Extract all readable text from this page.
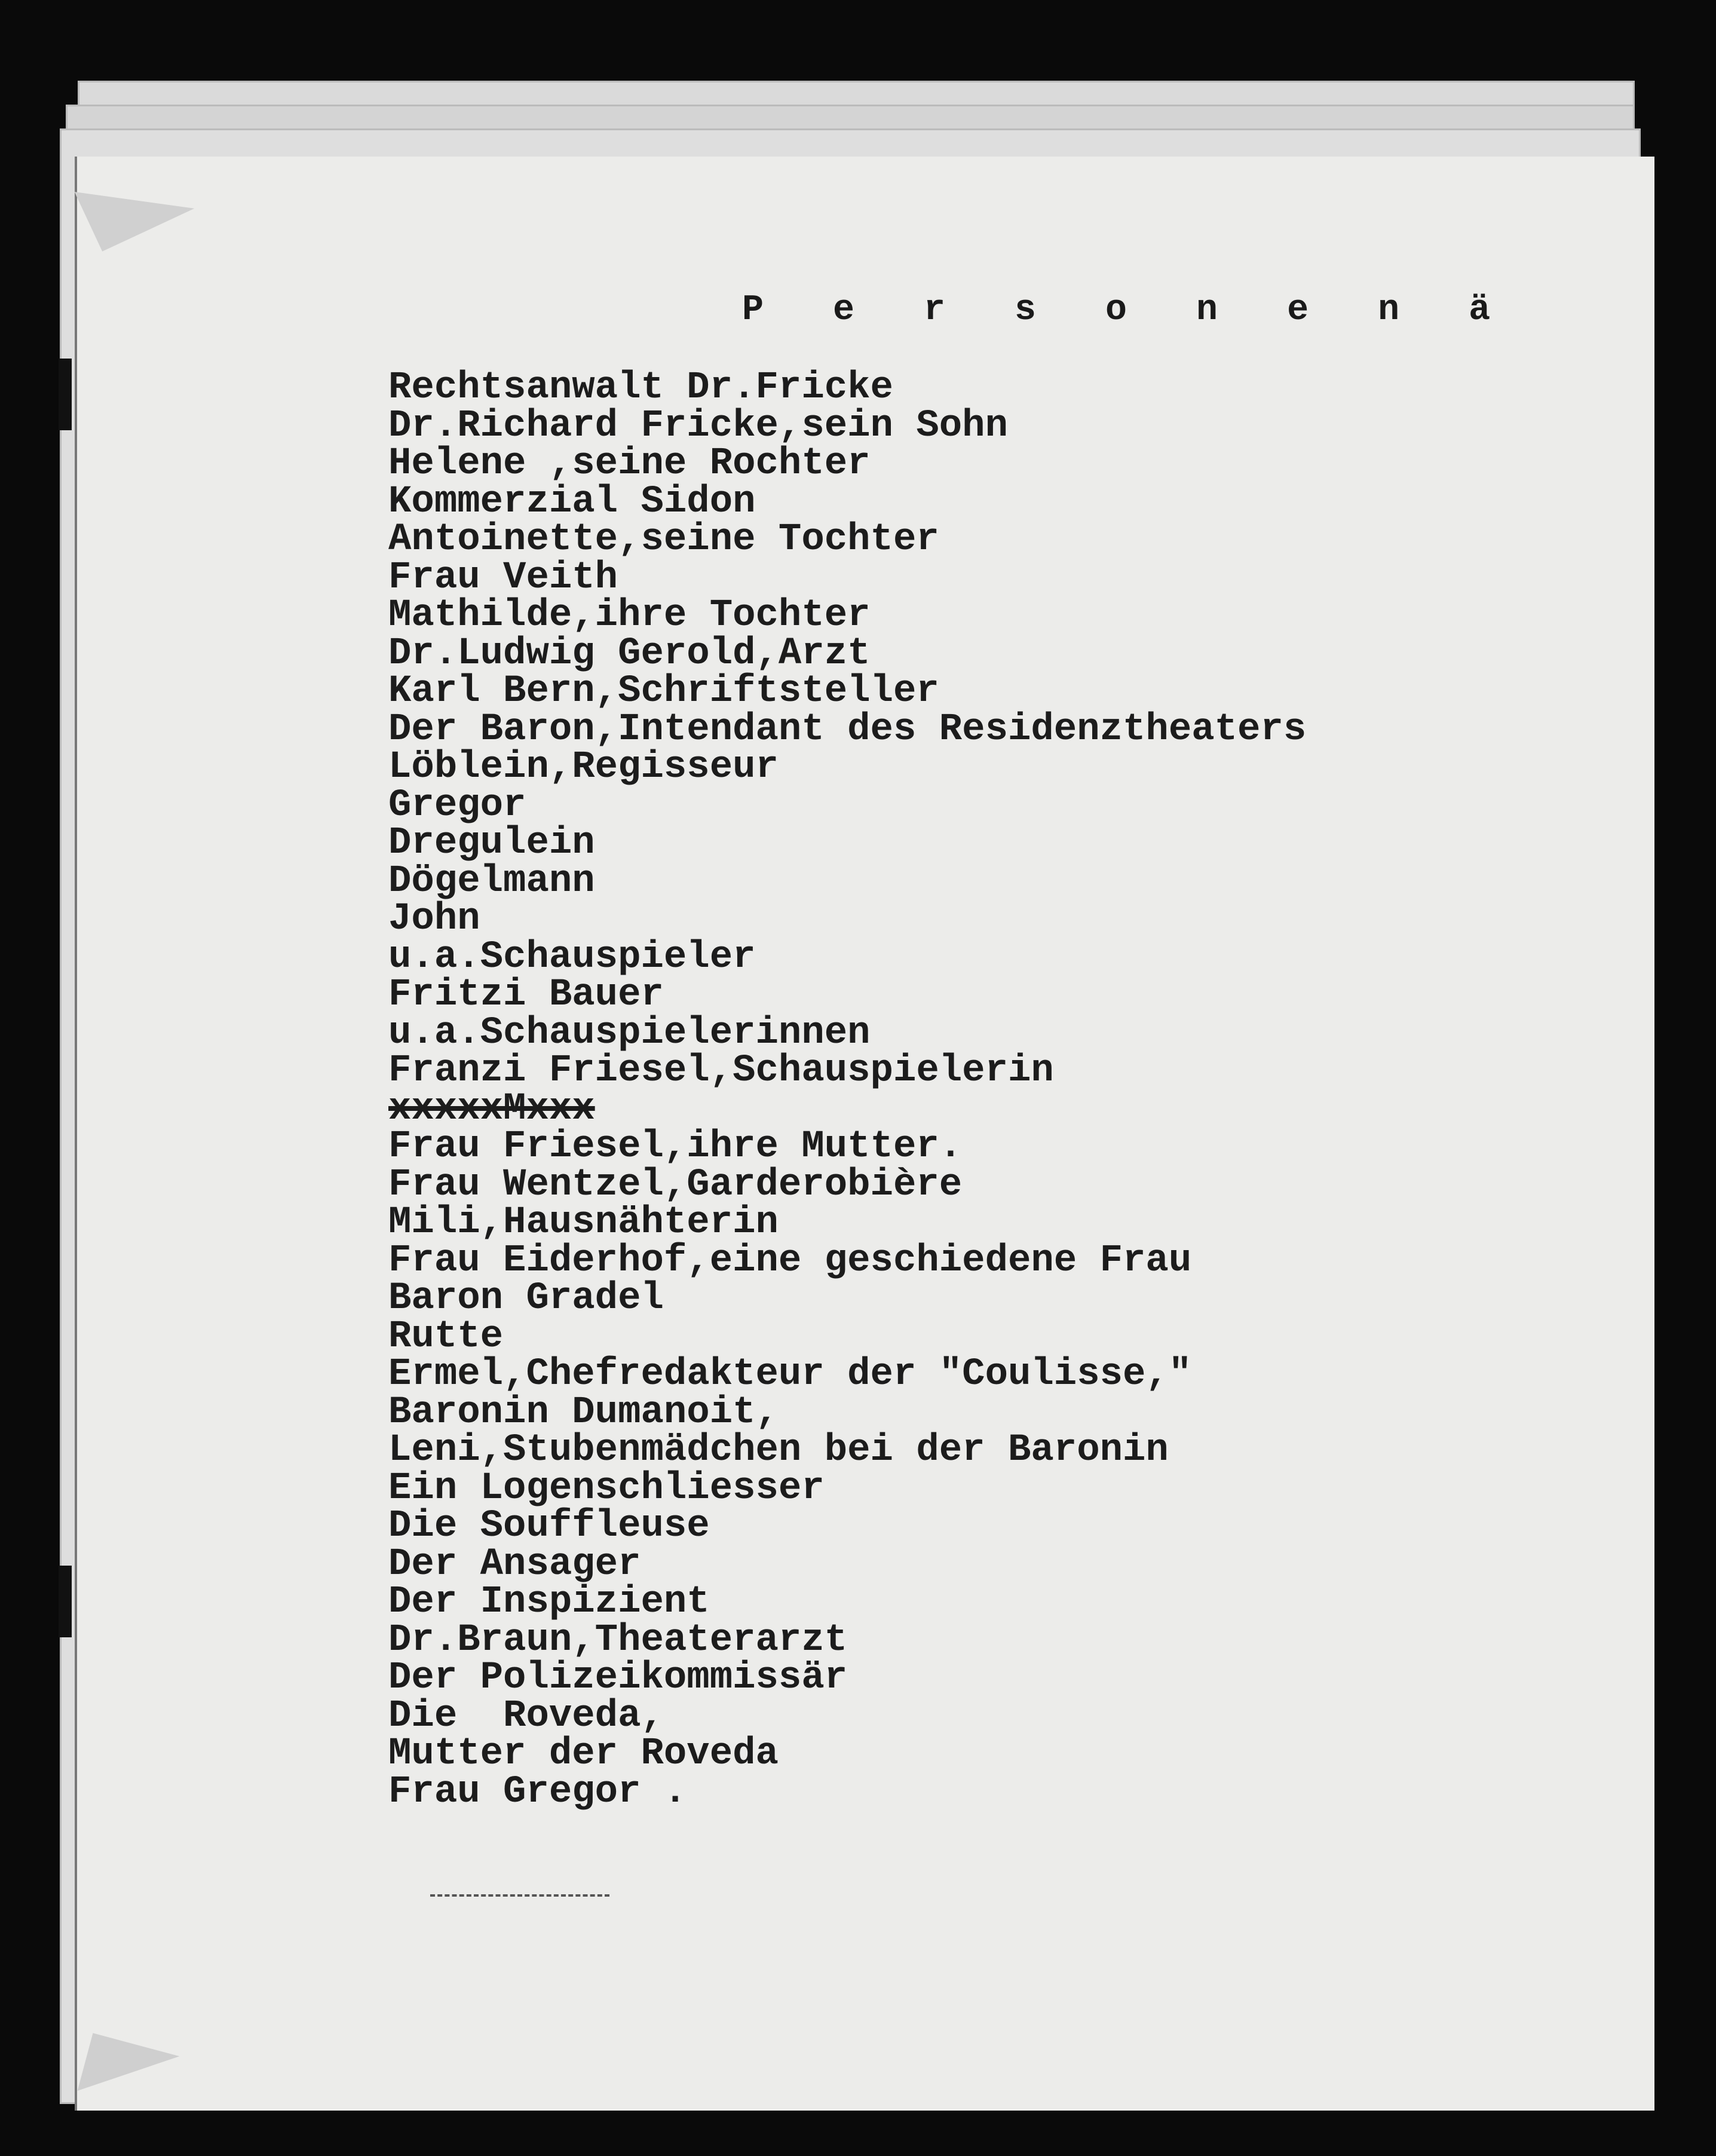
P e r s o n e n ä
Rechtsanwalt Dr.Fricke
Dr.Richard Fricke,sein Sohn
Helene ,seine Rochter
Kommerzial Sidon
Antoinette,seine Tochter
Frau Veith
Mathilde,ihre Tochter
Dr.Ludwig Gerold,Arzt
Karl Bern,Schriftsteller
Der Baron,Intendant des Residenztheaters
Löblein,Regisseur
Gregor
Dregulein
Dögelmann
John
u.a.Schauspieler
Fritzi Bauer
u.a.Schauspielerinnen
Franzi Friesel,Schauspielerin
xxxxxMxxx
Frau Friesel,ihre Mutter.
Frau Wentzel,Garderobière
Mili,Hausnähterin
Frau Eiderhof,eine geschiedene Frau
Baron Gradel
Rutte
Ermel,Chefredakteur der "Coulisse,"
Baronin Dumanoit,
Leni,Stubenmädchen bei der Baronin
Ein Logenschliesser
Die Souffleuse
Der Ansager
Der Inspizient
Dr.Braun,Theaterarzt
Der Polizeikommissär
Die  Roveda,
Mutter der Roveda
Frau Gregor .
